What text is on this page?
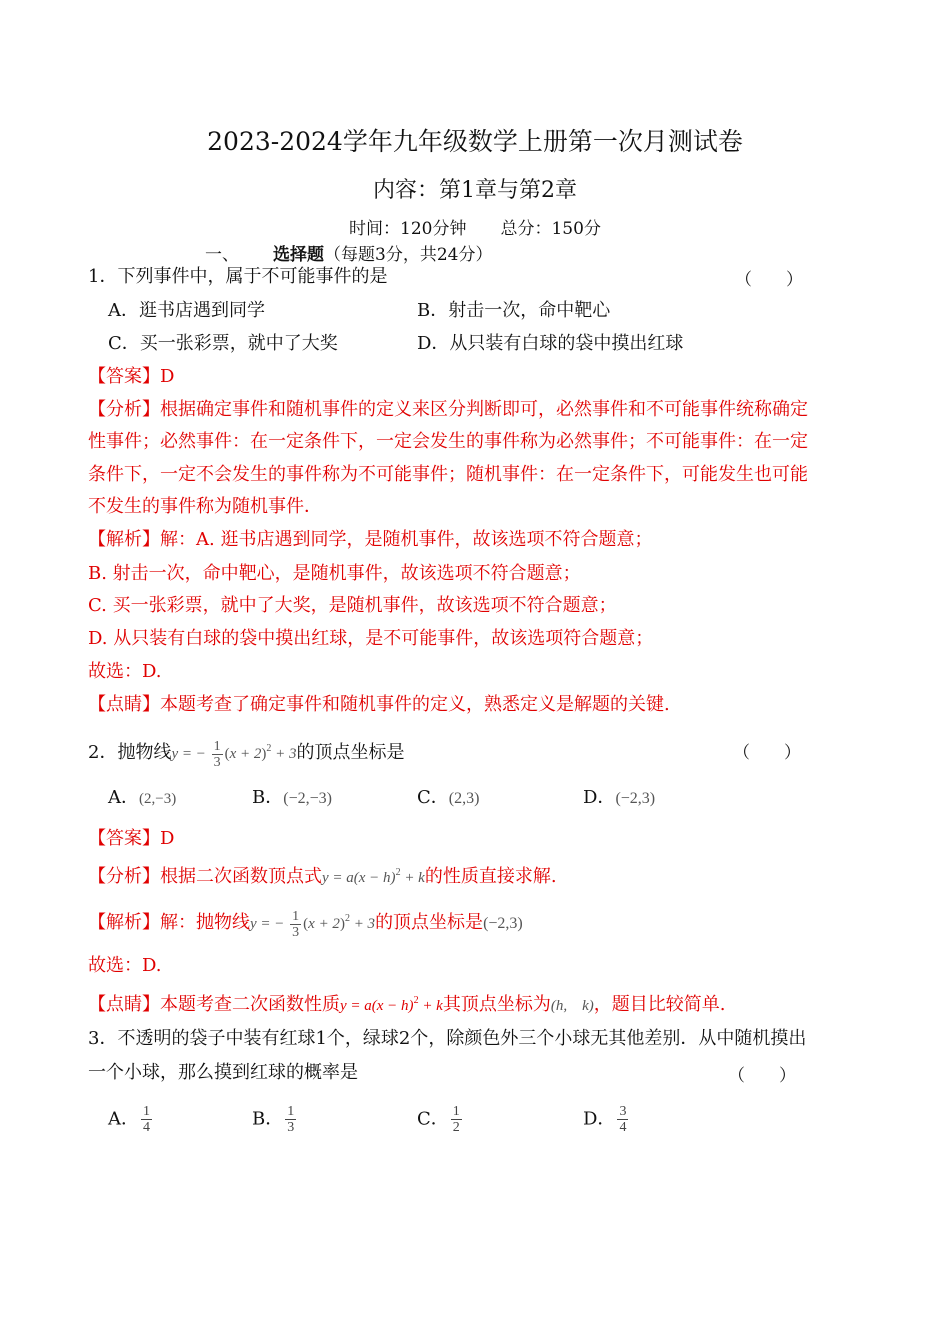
2023-2024学年九年级数学上册第一次月测试卷
内容：第1章与第2章
时间：120分钟　　总分：150分
一、 选择题（每题3分，共24分）
1．下列事件中，属于不可能事件的是	（　　）
A．逛书店遇到同学	B．射击一次，命中靶心
C．买一张彩票，就中了大奖	D．从只装有白球的袋中摸出红球
【答案】D
【分析】根据确定事件和随机事件的定义来区分判断即可，必然事件和不可能事件统称确定
性事件；必然事件：在一定条件下，一定会发生的事件称为必然事件；不可能事件：在一定
条件下，一定不会发生的事件称为不可能事件；随机事件：在一定条件下，可能发生也可能
不发生的事件称为随机事件．
【解析】解：A. 逛书店遇到同学，是随机事件，故该选项不符合题意；
B. 射击一次，命中靶心，是随机事件，故该选项不符合题意；
C. 买一张彩票，就中了大奖，是随机事件，故该选项不符合题意；
D. 从只装有白球的袋中摸出红球，是不可能事件，故该选项符合题意；
故选：D.
【点睛】本题考查了确定事件和随机事件的定义，熟悉定义是解题的关键.
2．抛物线y = − $\frac{1}{3} (x + 2)^2 + 3$的顶点坐标是	（　　）
A．(2,−3)	B．(−2,−3)	C．(2,3)	D．(−2,3)
【答案】D
【分析】根据二次函数顶点式$y = a(x - h)^2 + k$的性质直接求解.
【解析】解：抛物线y = − $\frac{1}{3} (x + 2)^2 + 3$的顶点坐标是(−2,3)
故选：D.
【点睛】本题考查二次函数性质$y = a(x - h)^2 + k$其顶点坐标为(h,　k)，题目比较简单.
3．不透明的袋子中装有红球1个，绿球2个，除颜色外三个小球无其他差别．从中随机摸出
一个小球，那么摸到红球的概率是	（　　）
A． $\frac{1}{4}$	B． $\frac{1}{3}$	C． $\frac{1}{2}$	D． $\frac{3}{4}$
